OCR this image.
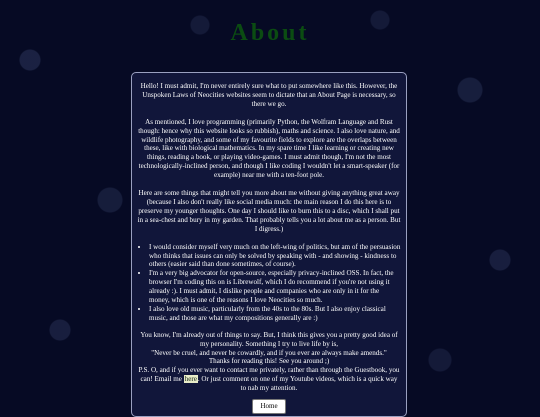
About

Hello! I must admit, I'm never entirely sure what to put somewhere like this. However, the Unspoken Laws of Neocities websites seem to dictate that an About Page is necessary, so there we go.

As mentioned, I love programming (primarily Python, the Wolfram Language and Rust though: hence why this website looks so rubbish), maths and science. I also love nature, and wildlife photography, and some of my favourite fields to explore are the overlaps between these, like with biological mathematics. In my spare time I like learning or creating new things, reading a book, or playing video-games. I must admit though, I'm not the most technologically-inclined person, and though I like coding I wouldn't let a smart-speaker (for example) near me with a ten-foot pole.

Here are some things that might tell you more about me without giving anything great away (because I also don't really like social media much: the main reason I do this here is to preserve my younger thoughts. One day I should like to burn this to a disc, which I shall put in a sea-chest and bury in my garden. That probably tells you a lot about me as a person. But I digress.)

• I would consider myself very much on the left-wing of politics, but am of the persuasion who thinks that issues can only be solved by speaking with - and showing - kindness to others (easier said than done sometimes, of course).
• I'm a very big advocator for open-source, especially privacy-inclined OSS. In fact, the browser I'm coding this on is Librewolf, which I do recommend if you're not using it already :). I must admit, I dislike people and companies who are only in it for the money, which is one of the reasons I love Neocities so much.
• I also love old music, particularly from the 40s to the 80s. But I also enjoy classical music, and those are what my compositions generally are :)
You know, I'm already out of things to say. But, I think this gives you a pretty good idea of my personality. Something I try to live life by is,
"Never be cruel, and never be cowardly, and if you ever are always make amends."
Thanks for reading this! See you around ;)
P.S. O, and if you ever want to contact me privately, rather than through the Guestbook, you can! Email me here. Or just comment on one of my Youtube videos, which is a quick way to nab my attention.
Home
